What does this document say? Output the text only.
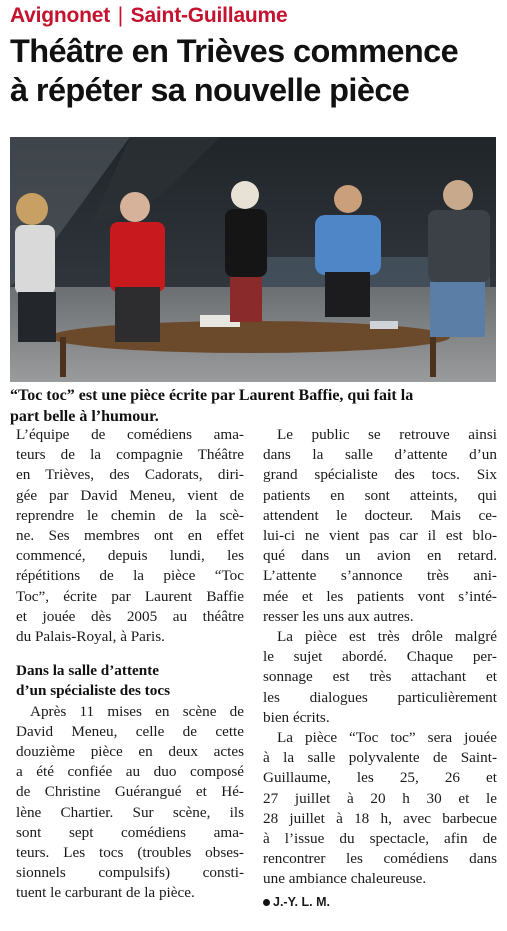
Avignonet | Saint-Guillaume
Théâtre en Trièves commence
à répéter sa nouvelle pièce
“Toc toc” est une pièce écrite par Laurent Baffie, qui fait la
part belle à l’humour.
L’équipe de comédiens ama-
teurs de la compagnie Théâtre
en Trièves, des Cadorats, diri-
gée par David Meneu, vient de
reprendre le chemin de la scè-
ne. Ses membres ont en effet
commencé, depuis lundi, les
répétitions de la pièce “Toc
Toc”, écrite par Laurent Baffie
et jouée dès 2005 au théâtre
du Palais-Royal, à Paris.
Dans la salle d’attente
d’un spécialiste des tocs
Après 11 mises en scène de
David Meneu, celle de cette
douzième pièce en deux actes
a été confiée au duo composé
de Christine Guérangué et Hé-
lène Chartier. Sur scène, ils
sont sept comédiens ama-
teurs. Les tocs (troubles obses-
sionnels compulsifs) consti-
tuent le carburant de la pièce.
Le public se retrouve ainsi
dans la salle d’attente d’un
grand spécialiste des tocs. Six
patients en sont atteints, qui
attendent le docteur. Mais ce-
lui-ci ne vient pas car il est blo-
qué dans un avion en retard.
L’attente s’annonce très ani-
mée et les patients vont s’inté-
resser les uns aux autres.
La pièce est très drôle malgré
le sujet abordé. Chaque per-
sonnage est très attachant et
les dialogues particulièrement
bien écrits.
La pièce “Toc toc” sera jouée
à la salle polyvalente de Saint-
Guillaume, les 25, 26 et
27 juillet à 20 h 30 et le
28 juillet à 18 h, avec barbecue
à l’issue du spectacle, afin de
rencontrer les comédiens dans
une ambiance chaleureuse.
J.-Y. L. M.
